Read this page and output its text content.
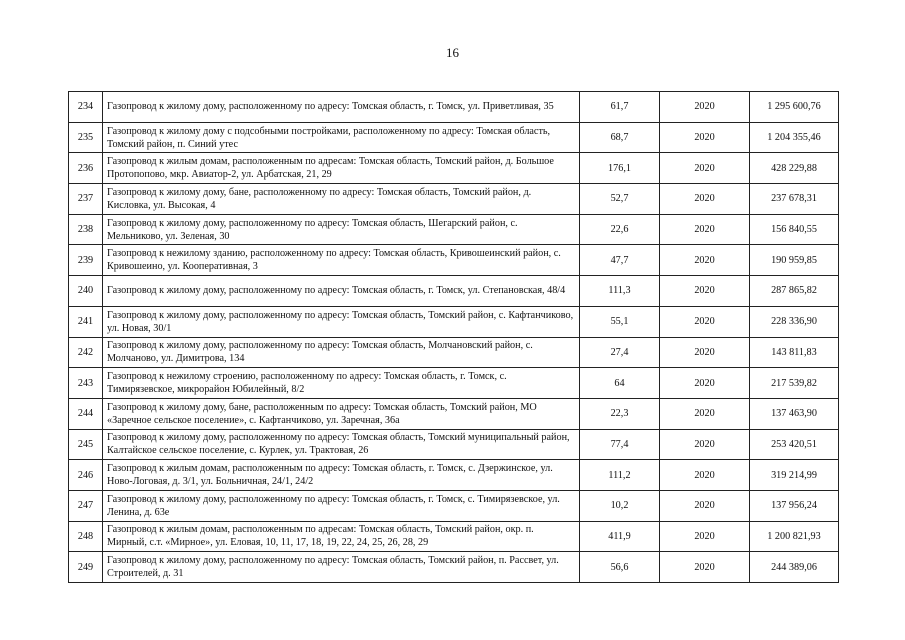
16
234	Газопровод к жилому дому, расположенному по адресу: Томская область, г. Томск, ул. Приветливая, 35	61,7	2020	1 295 600,76
235	Газопровод к жилому дому с подсобными постройками, расположенному по адресу: Томская область, Томский район, п. Синий утес	68,7	2020	1 204 355,46
236	Газопровод к жилым домам, расположенным по адресам: Томская область, Томский район, д. Большое Протопопово, мкр. Авиатор-2, ул. Арбатская, 21, 29	176,1	2020	428 229,88
237	Газопровод к жилому дому, бане, расположенному по адресу: Томская область, Томский район, д. Кисловка, ул. Высокая, 4	52,7	2020	237 678,31
238	Газопровод к жилому дому, расположенному по адресу: Томская область, Шегарский район, с. Мельниково, ул. Зеленая, 30	22,6	2020	156 840,55
239	Газопровод к нежилому зданию, расположенному по адресу: Томская область, Кривошеинский район, с. Кривошеино, ул. Кооперативная, 3	47,7	2020	190 959,85
240	Газопровод к жилому дому, расположенному по адресу: Томская область, г. Томск, ул. Степановская, 48/4	111,3	2020	287 865,82
241	Газопровод к жилому дому, расположенному по адресу: Томская область, Томский район, с. Кафтанчиково, ул. Новая, 30/1	55,1	2020	228 336,90
242	Газопровод к жилому дому, расположенному по адресу: Томская область, Молчановский район, с. Молчаново, ул. Димитрова, 134	27,4	2020	143 811,83
243	Газопровод к нежилому строению, расположенному по адресу: Томская область, г. Томск, с. Тимирязевское, микрорайон Юбилейный, 8/2	64	2020	217 539,82
244	Газопровод к жилому дому, бане, расположенным по адресу: Томская область, Томский район, МО «Заречное сельское поселение», с. Кафтанчиково, ул. Заречная, 36а	22,3	2020	137 463,90
245	Газопровод к жилому дому, расположенному по адресу: Томская область, Томский муниципальный район, Калтайское сельское поселение, с. Курлек, ул. Трактовая, 26	77,4	2020	253 420,51
246	Газопровод к жилым домам, расположенным по адресу: Томская область, г. Томск, с. Дзержинское, ул. Ново-Логовая, д. 3/1, ул. Больничная, 24/1, 24/2	111,2	2020	319 214,99
247	Газопровод к жилому дому, расположенному по адресу: Томская область, г. Томск, с. Тимирязевское, ул. Ленина, д. 63е	10,2	2020	137 956,24
248	Газопровод к жилым домам, расположенным по адресам: Томская область, Томский район, окр. п. Мирный, с.т. «Мирное», ул. Еловая, 10, 11, 17, 18, 19, 22, 24, 25, 26, 28, 29	411,9	2020	1 200 821,93
249	Газопровод к жилому дому, расположенному по адресу: Томская область, Томский район, п. Рассвет, ул. Строителей, д. 31	56,6	2020	244 389,06
